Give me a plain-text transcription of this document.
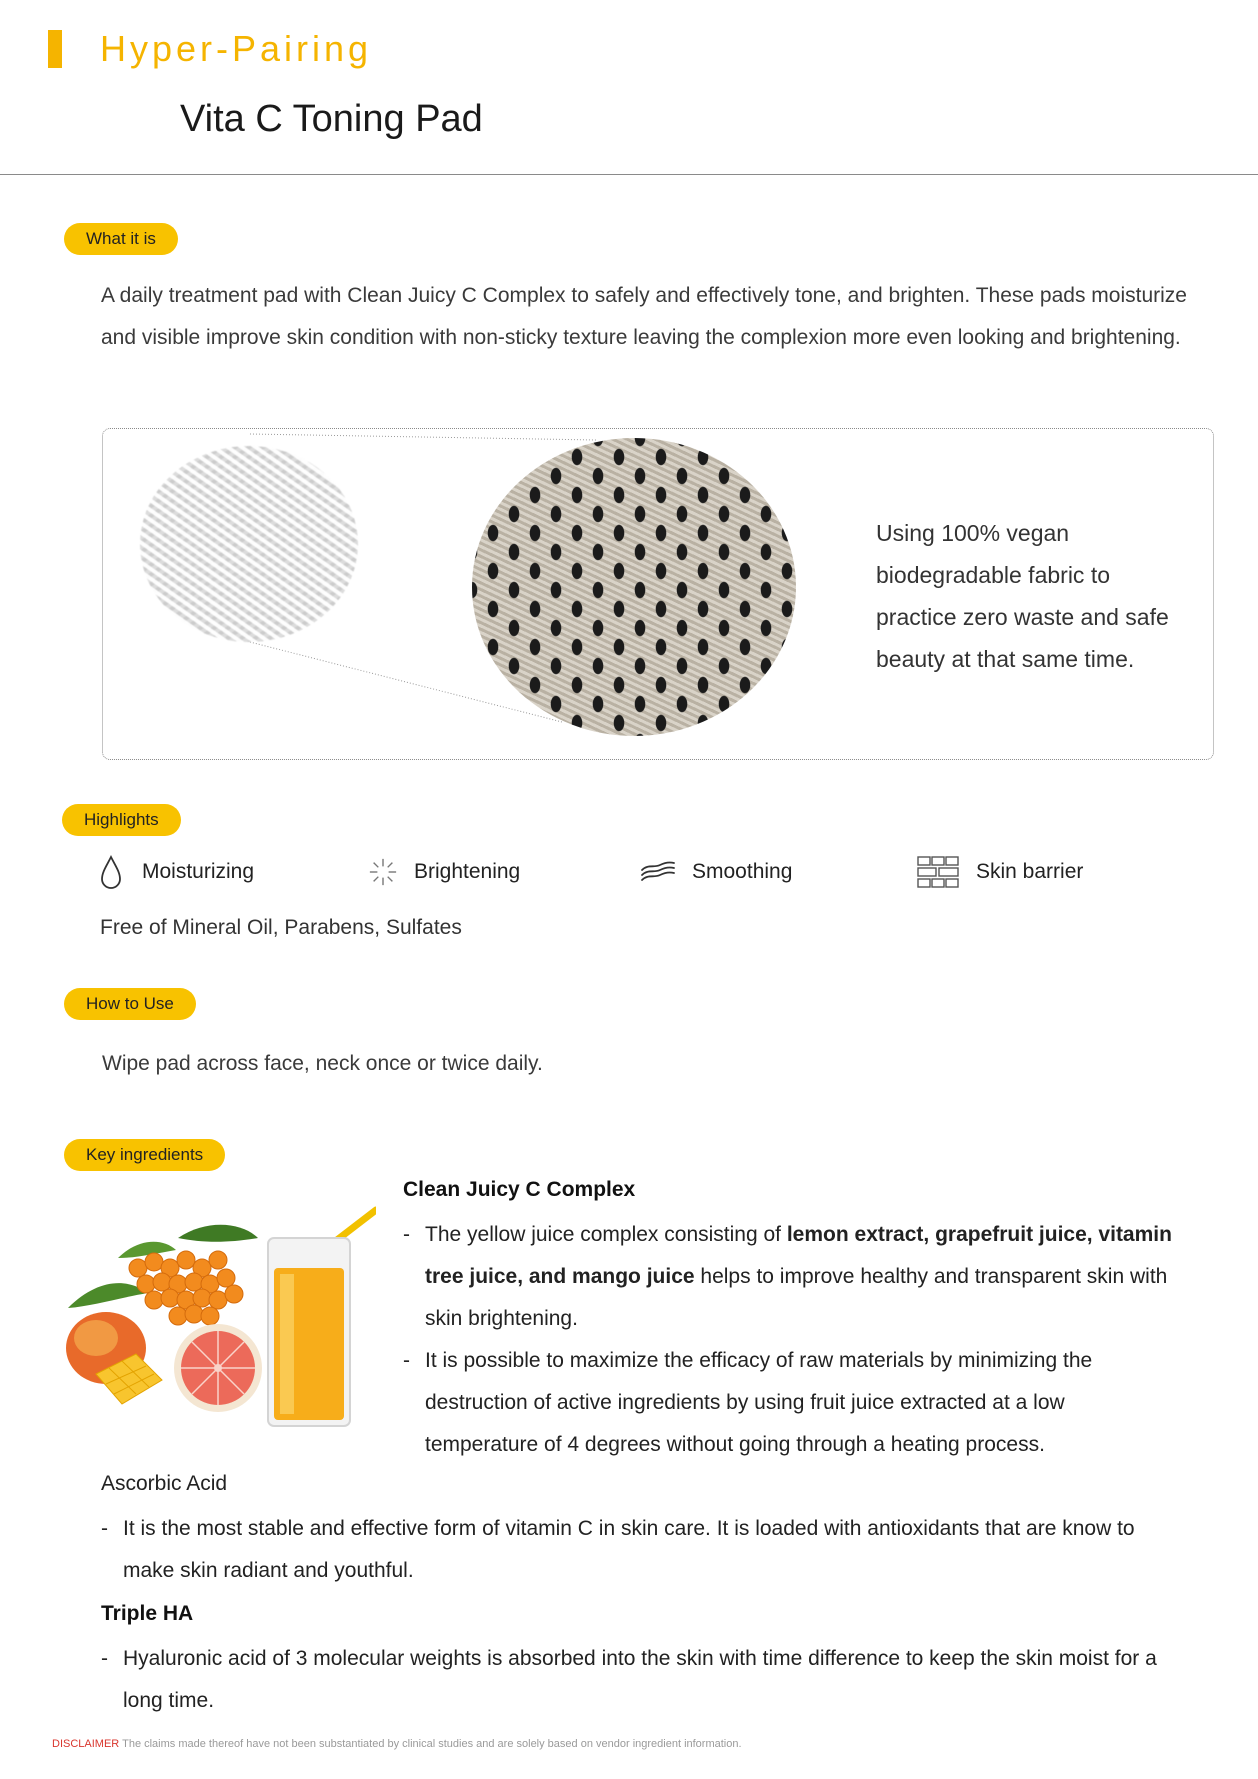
Hyper-Pairing
Vita C Toning Pad
What it is
A daily treatment pad with Clean Juicy C Complex to safely and effectively tone, and brighten. These pads moisturize and visible improve skin condition with non-sticky texture leaving the complexion more even looking and brightening.
Using 100% vegan biodegradable fabric to practice zero waste and safe beauty at that same time.
Highlights
Moisturizing	Brightening	Smoothing	Skin barrier
Free of Mineral Oil, Parabens, Sulfates
How to Use
Wipe pad across face, neck once or twice daily.
Key ingredients
Clean Juicy C Complex
- The yellow juice complex consisting of lemon extract, grapefruit juice, vitamin tree juice, and mango juice helps to improve healthy and transparent skin with skin brightening.
- It is possible to maximize the efficacy of raw materials by minimizing the destruction of active ingredients by using fruit juice extracted at a low temperature of 4 degrees without going through a heating process.
Ascorbic Acid
- It is the most stable and effective form of vitamin C in skin care. It is loaded with antioxidants that are know to make skin radiant and youthful.
Triple HA
- Hyaluronic acid of 3 molecular weights is absorbed into the skin with time difference to keep the skin moist for a long time.
DISCLAIMER The claims made thereof have not been substantiated by clinical studies and are solely based on vendor ingredient information.
